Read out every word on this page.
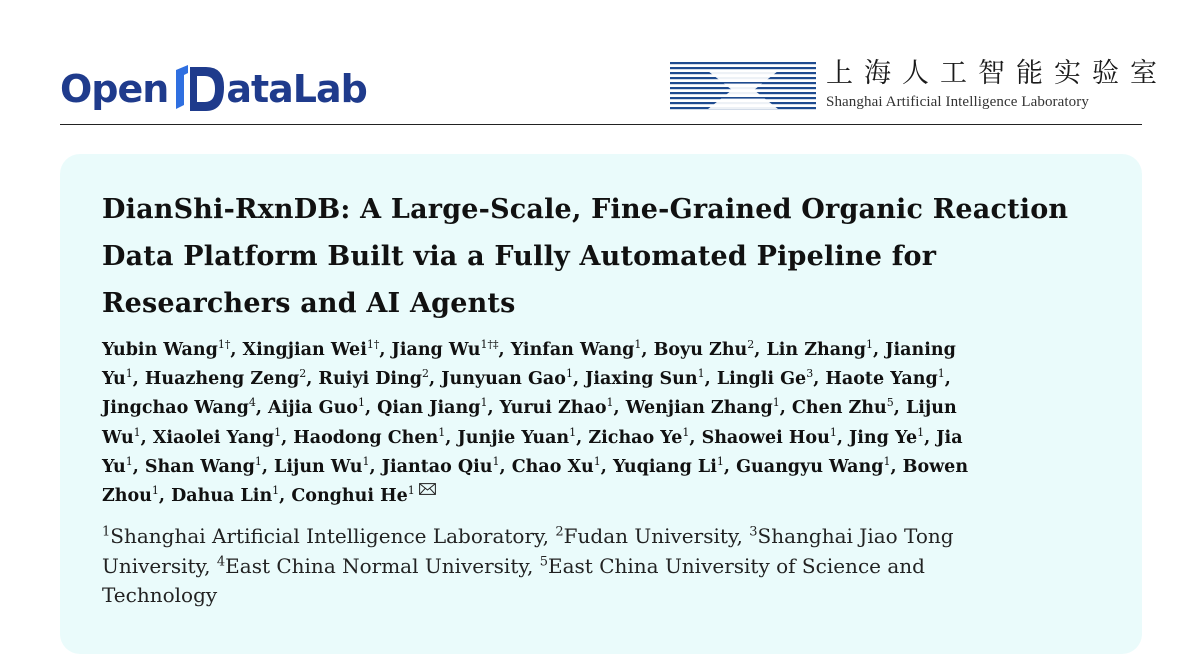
Open ataLab	上海人工智能实验室
Shanghai Artificial Intelligence Laboratory
DianShi-RxnDB: A Large-Scale, Fine-Grained Organic Reaction
Data Platform Built via a Fully Automated Pipeline for
Researchers and AI Agents
Yubin Wang$^{1\dagger}$, Xingjian Wei$^{1\dagger}$, Jiang $Wu^{1\dagger\ddagger}$, Yinfan Wang$^1$, Boyu Zhu$^2$, Lin Zhang$^1$, Jianing
Yu$^1$, Huazheng Zeng$^2$, Ruiyi Ding$^2$, Junyuan Gao$^1$, Jiaxing Sun$^1$, Lingli Ge$^3$, Haote Yang$^1$,
Jingchao Wang$^4$, Aijia Guo$^1$, Qian Jiang$^1$, Yurui Zhao$^1$, Wenjian Zhang$^1$, Chen Zhu$^5$, Lijun
Wu$^1$, Xiaolei Yang$^1$, Haodong Chen$^1$, Junjie Yuan$^1$, Zichao Ye$^1$, Shaowei Hou$^1$, Jing Ye$^1$, Jia
Yu$^1$, Shan Wang$^1$, Lijun Wu$^1$, Jiantao Qiu$^1$, Chao Xu$^1$, Yuqiang Li$^1$, Guangyu Wang$^1$, Bowen
Zhou$^1$, Dahua Lin$^1$, Conghui He$^1$
$^1$Shanghai Artificial Intelligence Laboratory, $^2$Fudan University, $^3$Shanghai Jiao Tong
University, $^4$East China Normal University, $^5$East China University of Science and
Technology
